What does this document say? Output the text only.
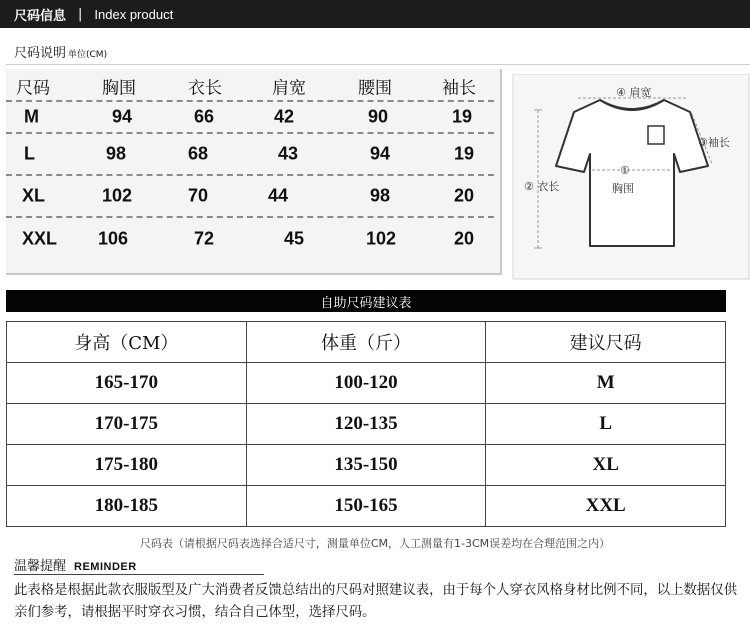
尺码信息 | Index product
尺码说明 单位(CM)
尺码	胸围	衣长	肩宽	腰围	袖长
M	94	66	42	90	19
L	98	68	43	94	19
XL	102	70	44	98	20
XXL 106	72	45	102	20
④ 肩宽
③袖长
② 衣长
①
胸围
自助尺码建议表
身高（CM）	体重（斤）	建议尺码
165-170	100-120	M
170-175	120-135	L
175-180	135-150	XL
180-185	150-165	XXL
尺码表（请根据尺码表选择合适尺寸，测量单位CM，人工测量有1-3CM误差均在合理范围之内）
温馨提醒 REMINDER
此表格是根据此款衣服版型及广大消费者反馈总结出的尺码对照建议表，由于每个人穿衣风格身材比例不同，以上数据仅供亲们参考，请根据平时穿衣习惯，结合自己体型，选择尺码。
